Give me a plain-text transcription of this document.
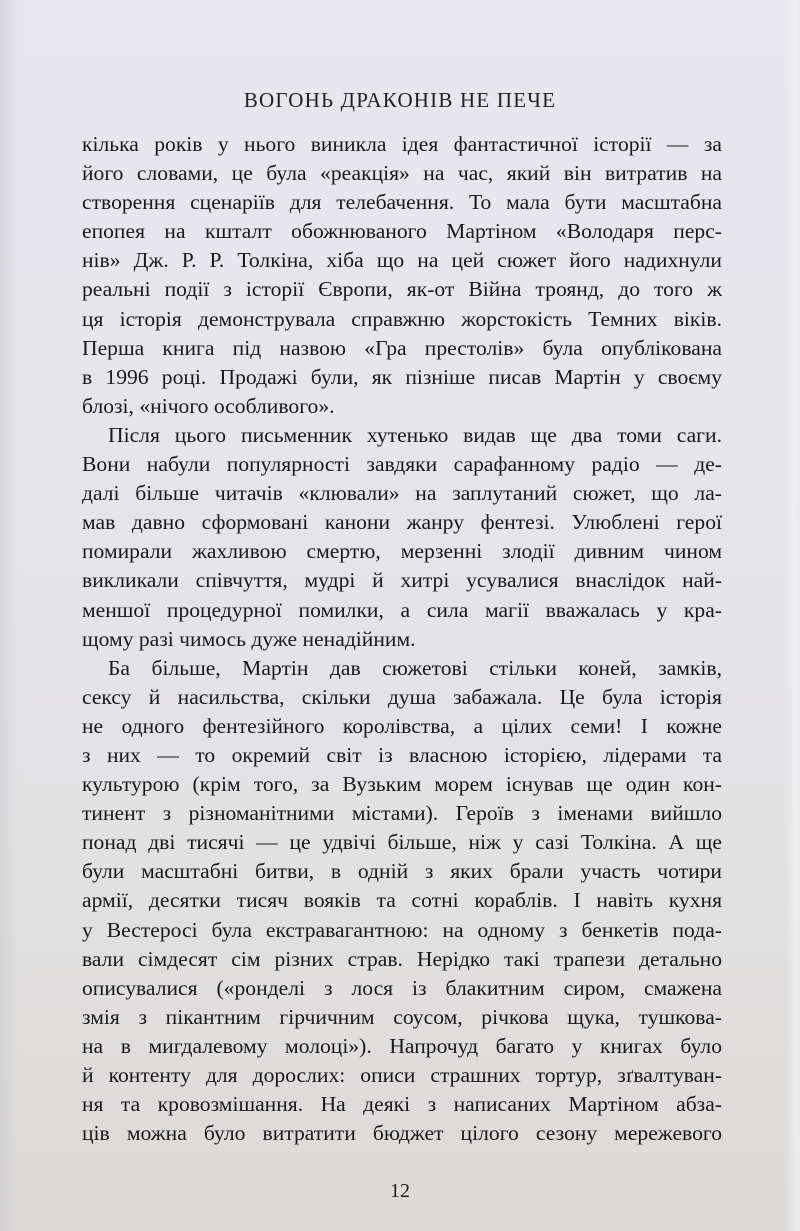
ВОГОНЬ ДРАКОНІВ НЕ ПЕЧЕ
кілька років у нього виникла ідея фантастичної історії — за
його словами, це була «реакція» на час, який він витратив на
створення сценаріїв для телебачення. То мала бути масштабна
епопея на кшталт обожнюваного Мартіном «Володаря перс-
нів» Дж. Р. Р. Толкіна, хіба що на цей сюжет його надихнули
реальні події з історії Європи, як-от Війна троянд, до того ж
ця історія демонструвала справжню жорстокість Темних віків.
Перша книга під назвою «Гра престолів» була опублікована
в 1996 році. Продажі були, як пізніше писав Мартін у своєму
блозі, «нічого особливого».
Після цього письменник хутенько видав ще два томи саги.
Вони набули популярності завдяки сарафанному радіо — де-
далі більше читачів «клювали» на заплутаний сюжет, що ла-
мав давно сформовані канони жанру фентезі. Улюблені герої
помирали жахливою смертю, мерзенні злодії дивним чином
викликали співчуття, мудрі й хитрі усувалися внаслідок най-
меншої процедурної помилки, а сила магії вважалась у кра-
щому разі чимось дуже ненадійним.
Ба більше, Мартін дав сюжетові стільки коней, замків,
сексу й насильства, скільки душа забажала. Це була історія
не одного фентезійного королівства, а цілих семи! І кожне
з них — то окремий світ із власною історією, лідерами та
культурою (крім того, за Вузьким морем існував ще один кон-
тинент з різноманітними містами). Героїв з іменами вийшло
понад дві тисячі — це удвічі більше, ніж у сазі Толкіна. А ще
були масштабні битви, в одній з яких брали участь чотири
армії, десятки тисяч вояків та сотні кораблів. І навіть кухня
у Вестеросі була екстравагантною: на одному з бенкетів пода-
вали сімдесят сім різних страв. Нерідко такі трапези детально
описувалися («ронделі з лося із блакитним сиром, смажена
змія з пікантним гірчичним соусом, річкова щука, тушкова-
на в мигдалевому молоці»). Напрочуд багато у книгах було
й контенту для дорослих: описи страшних тортур, зґвалтуван-
ня та кровозмішання. На деякі з написаних Мартіном абза-
ців можна було витратити бюджет цілого сезону мережевого
12
